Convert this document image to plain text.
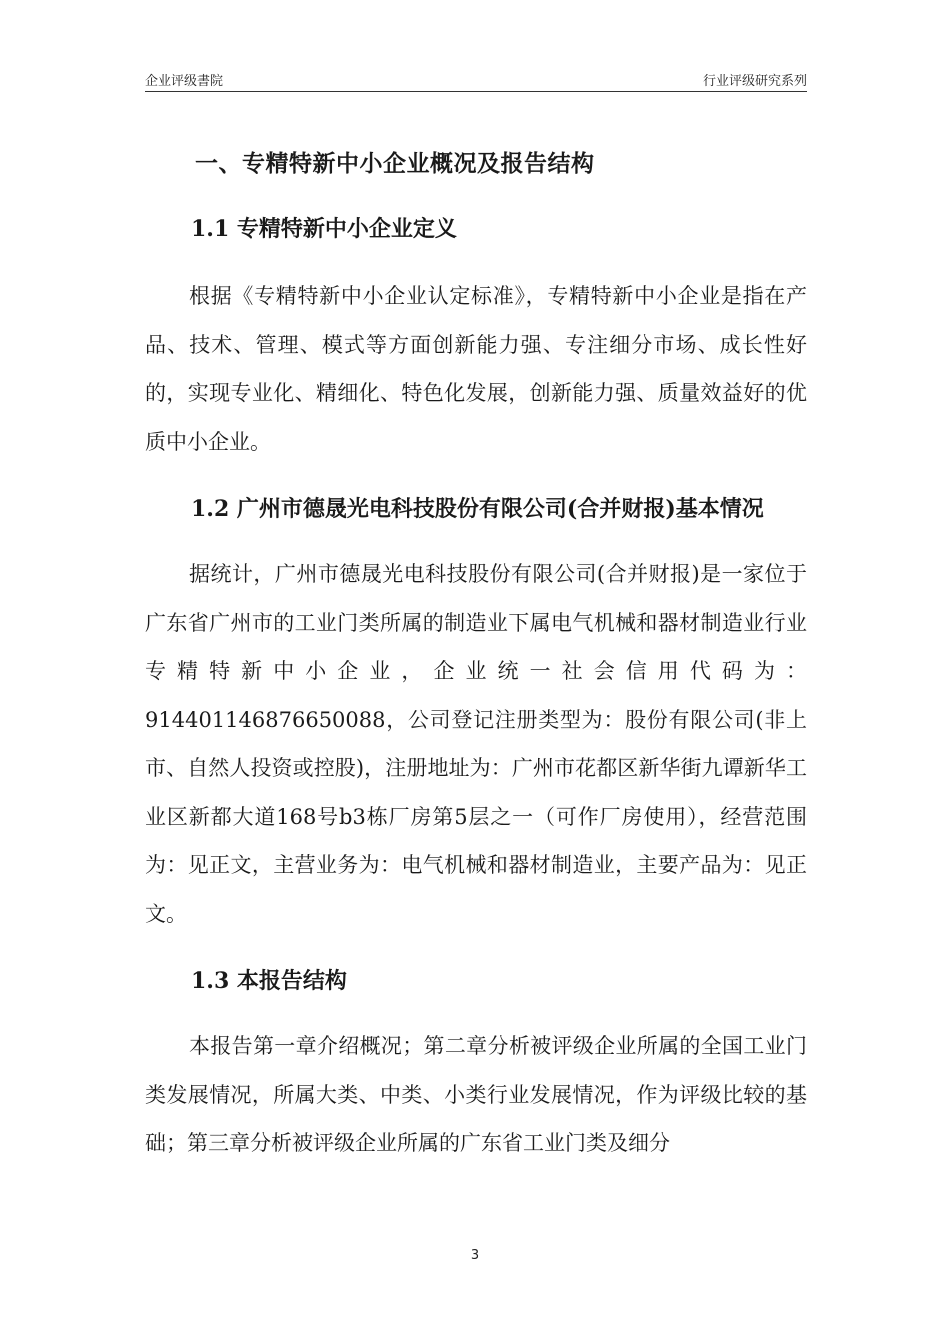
企业评级書院	行业评级研究系列
一、专精特新中小企业概况及报告结构
1.1 专精特新中小企业定义

根据《专精特新中小企业认定标准》，专精特新中小企业是指在产品、技术、管理、模式等方面创新能力强、专注细分市场、成长性好的，实现专业化、精细化、特色化发展，创新能力强、质量效益好的优质中小企业。

1.2 广州市德晟光电科技股份有限公司(合并财报)基本情况

据统计，广州市德晟光电科技股份有限公司(合并财报)是一家位于广东省广州市的工业门类所属的制造业下属电气机械和器材制造业行业专精特新中小企业，企业统一社会信用代码为：914401146876650088，公司登记注册类型为：股份有限公司(非上市、自然人投资或控股)，注册地址为：广州市花都区新华街九谭新华工业区新都大道168号b3栋厂房第5层之一（可作厂房使用），经营范围为：见正文，主营业务为：电气机械和器材制造业，主要产品为：见正文。

1.3 本报告结构

本报告第一章介绍概况；第二章分析被评级企业所属的全国工业门类发展情况，所属大类、中类、小类行业发展情况，作为评级比较的基础；第三章分析被评级企业所属的广东省工业门类及细分

3
